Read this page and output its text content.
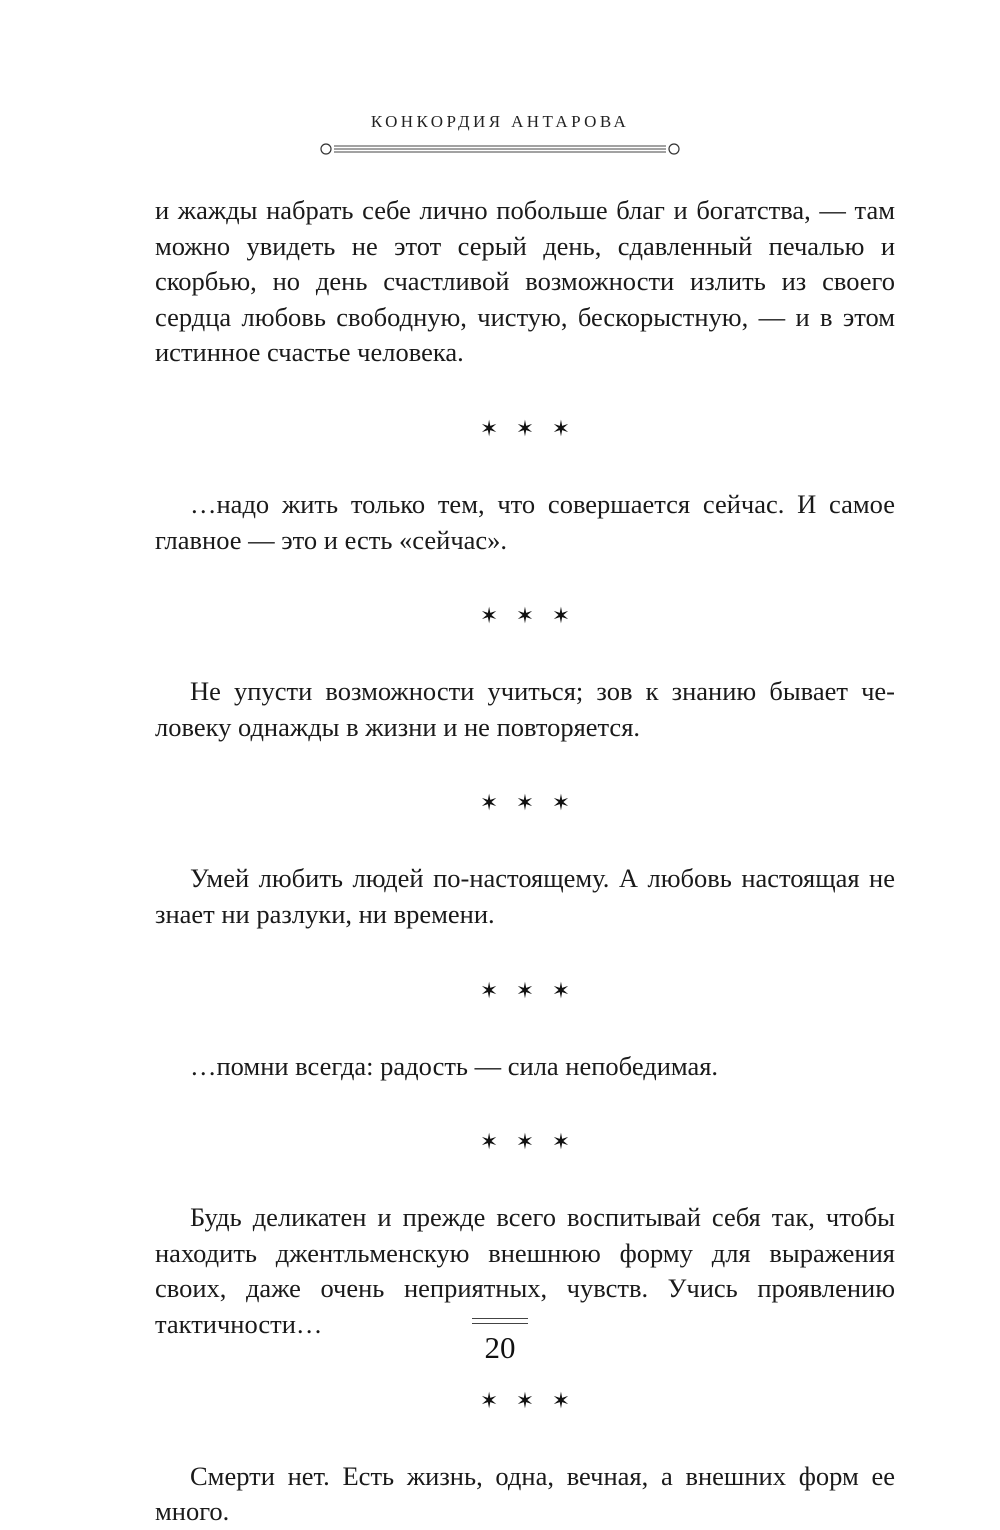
КОНКОРДИЯ АНТАРОВА

и жажды набрать себе лично побольше благ и богатства, — там можно увидеть не этот серый день, сдавленный печалью и скорбью, но день счастливой возможности излить из своего сердца любовь свободную, чистую, бескорыстную, — и в этом истинное счастье человека.

✶ ✶ ✶

…надо жить только тем, что совершается сейчас. И самое главное — это и есть «сейчас».

✶ ✶ ✶

Не упусти возможности учиться; зов к знанию бывает человеку однажды в жизни и не повторяется.

✶ ✶ ✶

Умей любить людей по-настоящему. А любовь настоящая не знает ни разлуки, ни времени.

✶ ✶ ✶

…помни всегда: радость — сила непобедимая.

✶ ✶ ✶

Будь деликатен и прежде всего воспитывай себя так, чтобы находить джентльменскую внешнюю форму для выражения своих, даже очень неприятных, чувств. Учись проявлению тактичности…

✶ ✶ ✶

Смерти нет. Есть жизнь, одна, вечная, а внешних форм ее много.

20
